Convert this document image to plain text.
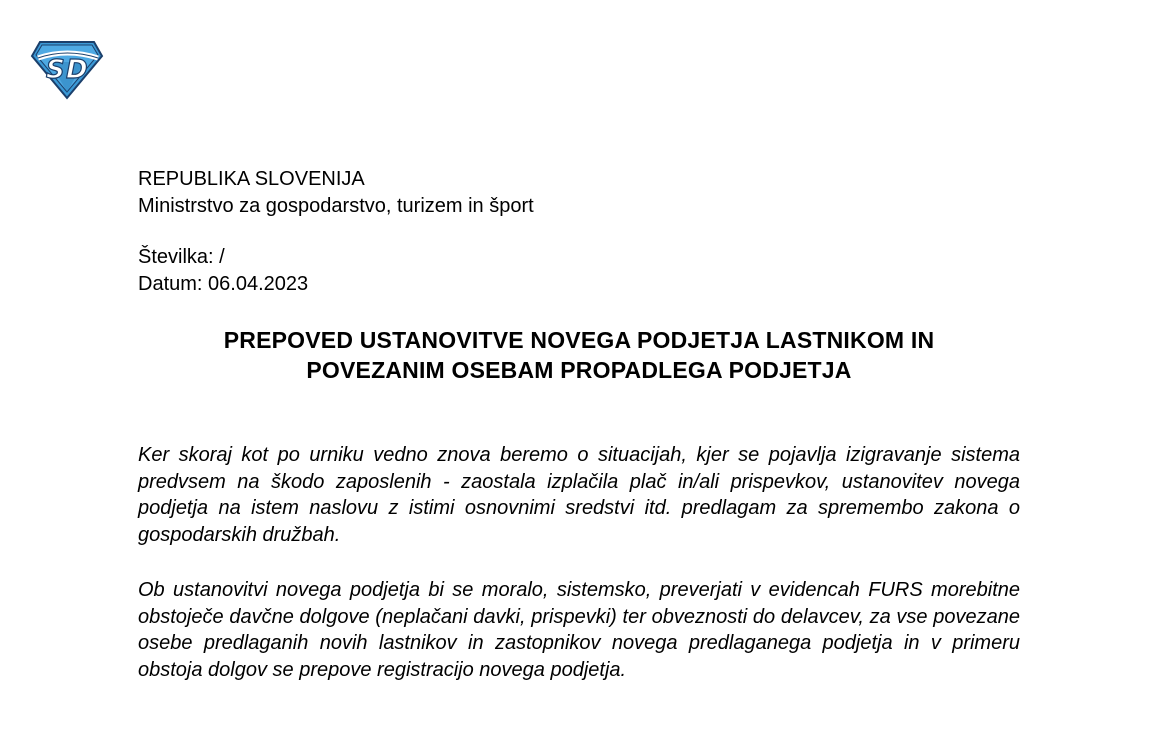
S D
REPUBLIKA SLOVENIJA
Ministrstvo za gospodarstvo, turizem in šport
Številka: /
Datum: 06.04.2023
PREPOVED USTANOVITVE NOVEGA PODJETJA LASTNIKOM IN
POVEZANIM OSEBAM PROPADLEGA PODJETJA

Ker skoraj kot po urniku vedno znova beremo o situacijah, kjer se pojavlja izigravanje sistema predvsem na škodo zaposlenih - zaostala izplačila plač in/ali prispevkov, ustanovitev novega podjetja na istem naslovu z istimi osnovnimi sredstvi itd. predlagam za spremembo zakona o gospodarskih družbah.

Ob ustanovitvi novega podjetja bi se moralo, sistemsko, preverjati v evidencah FURS morebitne obstoječe davčne dolgove (neplačani davki, prispevki) ter obveznosti do delavcev, za vse povezane osebe predlaganih novih lastnikov in zastopnikov novega predlaganega podjetja in v primeru obstoja dolgov se prepove registracijo novega podjetja.
